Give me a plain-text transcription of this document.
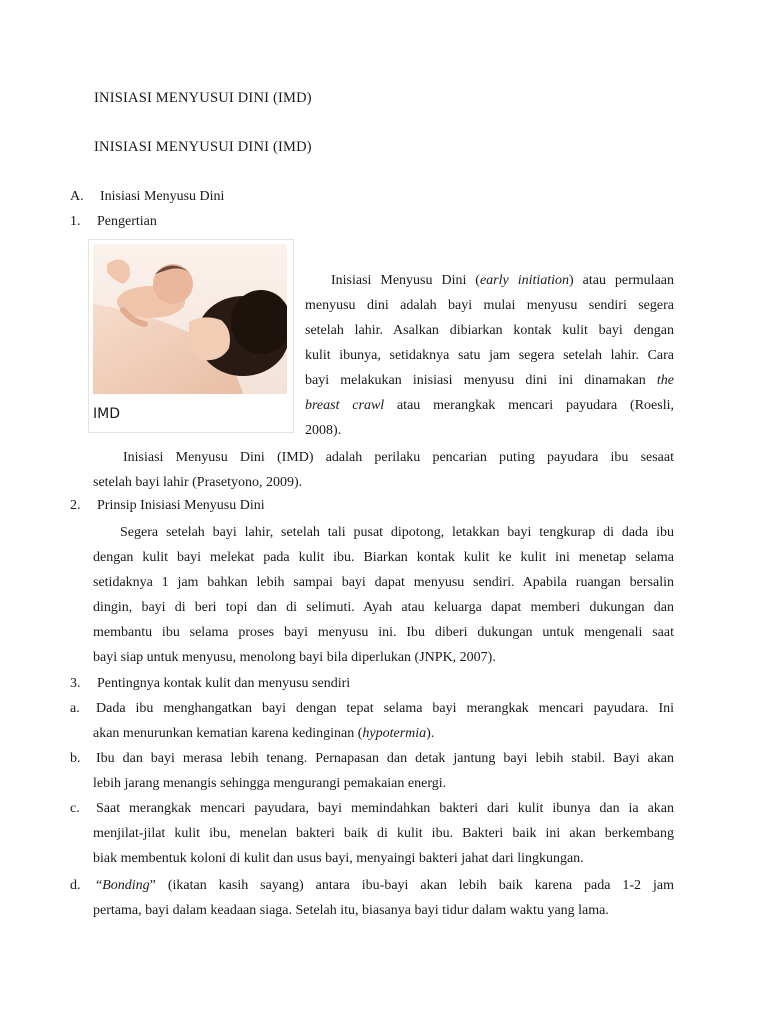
INISIASI MENYUSUI DINI (IMD)
INISIASI MENYUSUI DINI (IMD)
A. Inisiasi Menyusu Dini
1. Pengertian
IMD
Inisiasi Menyusu Dini (early initiation) atau permulaan
menyusu dini adalah bayi mulai menyusu sendiri segera
setelah lahir. Asalkan dibiarkan kontak kulit bayi dengan
kulit ibunya, setidaknya satu jam segera setelah lahir. Cara
bayi melakukan inisiasi menyusu dini ini dinamakan the
breast crawl atau merangkak mencari payudara (Roesli,
2008).
Inisiasi Menyusu Dini (IMD) adalah perilaku pencarian puting payudara ibu sesaat
setelah bayi lahir (Prasetyono, 2009).
2. Prinsip Inisiasi Menyusu Dini
Segera setelah bayi lahir, setelah tali pusat dipotong, letakkan bayi tengkurap di dada ibu
dengan kulit bayi melekat pada kulit ibu. Biarkan kontak kulit ke kulit ini menetap selama
setidaknya 1 jam bahkan lebih sampai bayi dapat menyusu sendiri. Apabila ruangan bersalin
dingin, bayi di beri topi dan di selimuti. Ayah atau keluarga dapat memberi dukungan dan
membantu ibu selama proses bayi menyusu ini. Ibu diberi dukungan untuk mengenali saat
bayi siap untuk menyusu, menolong bayi bila diperlukan (JNPK, 2007).
3. Pentingnya kontak kulit dan menyusu sendiri
a. Dada ibu menghangatkan bayi dengan tepat selama bayi merangkak mencari payudara. Ini
akan menurunkan kematian karena kedinginan (hypotermia).
b. Ibu dan bayi merasa lebih tenang. Pernapasan dan detak jantung bayi lebih stabil. Bayi akan
lebih jarang menangis sehingga mengurangi pemakaian energi.
c. Saat merangkak mencari payudara, bayi memindahkan bakteri dari kulit ibunya dan ia akan
menjilat-jilat kulit ibu, menelan bakteri baik di kulit ibu. Bakteri baik ini akan berkembang
biak membentuk koloni di kulit dan usus bayi, menyaingi bakteri jahat dari lingkungan.
d. “Bonding” (ikatan kasih sayang) antara ibu-bayi akan lebih baik karena pada 1-2 jam
pertama, bayi dalam keadaan siaga. Setelah itu, biasanya bayi tidur dalam waktu yang lama.
